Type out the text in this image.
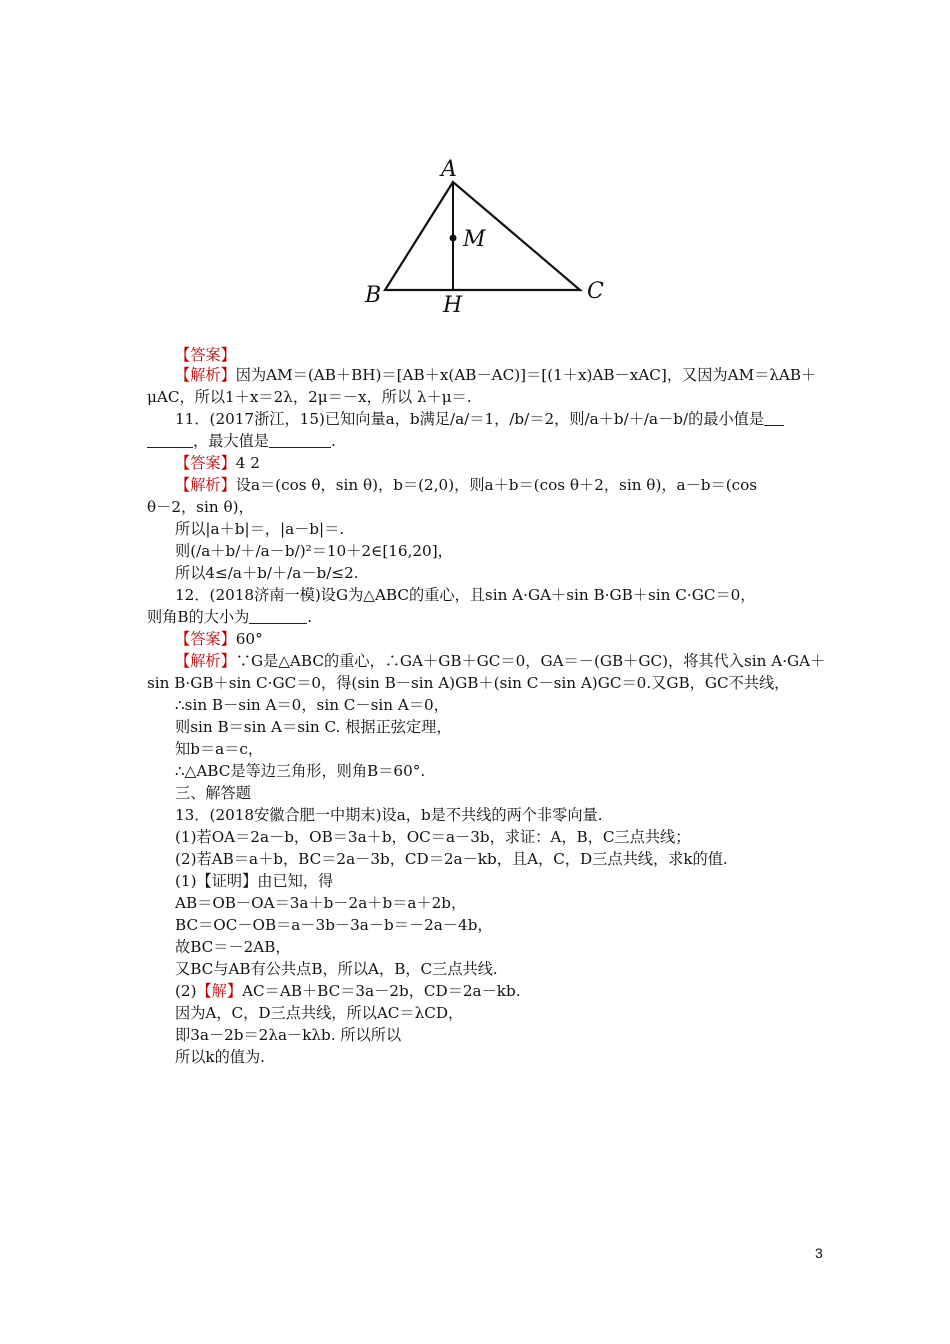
A
B	C
M
H
【答案】
【解析】因为AM＝(AB＋BH)＝[AB＋x(AB－AC)]＝[(1＋x)AB－xAC]，又因为AM＝λAB＋
μAC，所以1＋x＝2λ，2μ＝－x，所以 λ＋μ＝.
11．(2017浙江，15)已知向量a，b满足/a/＝1，/b/＝2，则/a＋b/＋/a－b/的最小值是
，最大值是	.
【答案】4 2
【解析】设a＝(cos θ，sin θ)，b＝(2,0)，则a＋b＝(cos θ＋2，sin θ)，a－b＝(cos
θ－2，sin θ)，
所以|a＋b|＝，|a－b|＝.
则(/a＋b/＋/a－b/)²＝10＋2∈[16,20]，
所以4≤/a＋b/＋/a－b/≤2.
12．(2018济南一模)设G为△ABC的重心，且sin A·GA＋sin B·GB＋sin C·GC＝0，
则角B的大小为	.
【答案】60°
【解析】∵G是△ABC的重心，∴GA＋GB＋GC＝0，GA＝－(GB＋GC)，将其代入sin A·GA＋
sin B·GB＋sin C·GC＝0，得(sin B－sin A)GB＋(sin C－sin A)GC＝0.又GB，GC不共线，
∴sin B－sin A＝0，sin C－sin A＝0，
则sin B＝sin A＝sin C. 根据正弦定理，
知b＝a＝c，
∴△ABC是等边三角形，则角B＝60°.
三、解答题
13．(2018安徽合肥一中期末)设a，b是不共线的两个非零向量.
(1)若OA＝2a－b，OB＝3a＋b，OC＝a－3b，求证：A，B，C三点共线；
(2)若AB＝a＋b，BC＝2a－3b，CD＝2a－kb，且A，C，D三点共线，求k的值.
(1)【证明】由已知，得
AB＝OB－OA＝3a＋b－2a＋b＝a＋2b，
BC＝OC－OB＝a－3b－3a－b＝－2a－4b，
故BC＝－2AB，
又BC与AB有公共点B，所以A，B，C三点共线.
(2)【解】AC＝AB＋BC＝3a－2b，CD＝2a－kb.
因为A，C，D三点共线，所以AC＝λCD，
即3a－2b＝2λa－kλb. 所以所以
所以k的值为.
3
